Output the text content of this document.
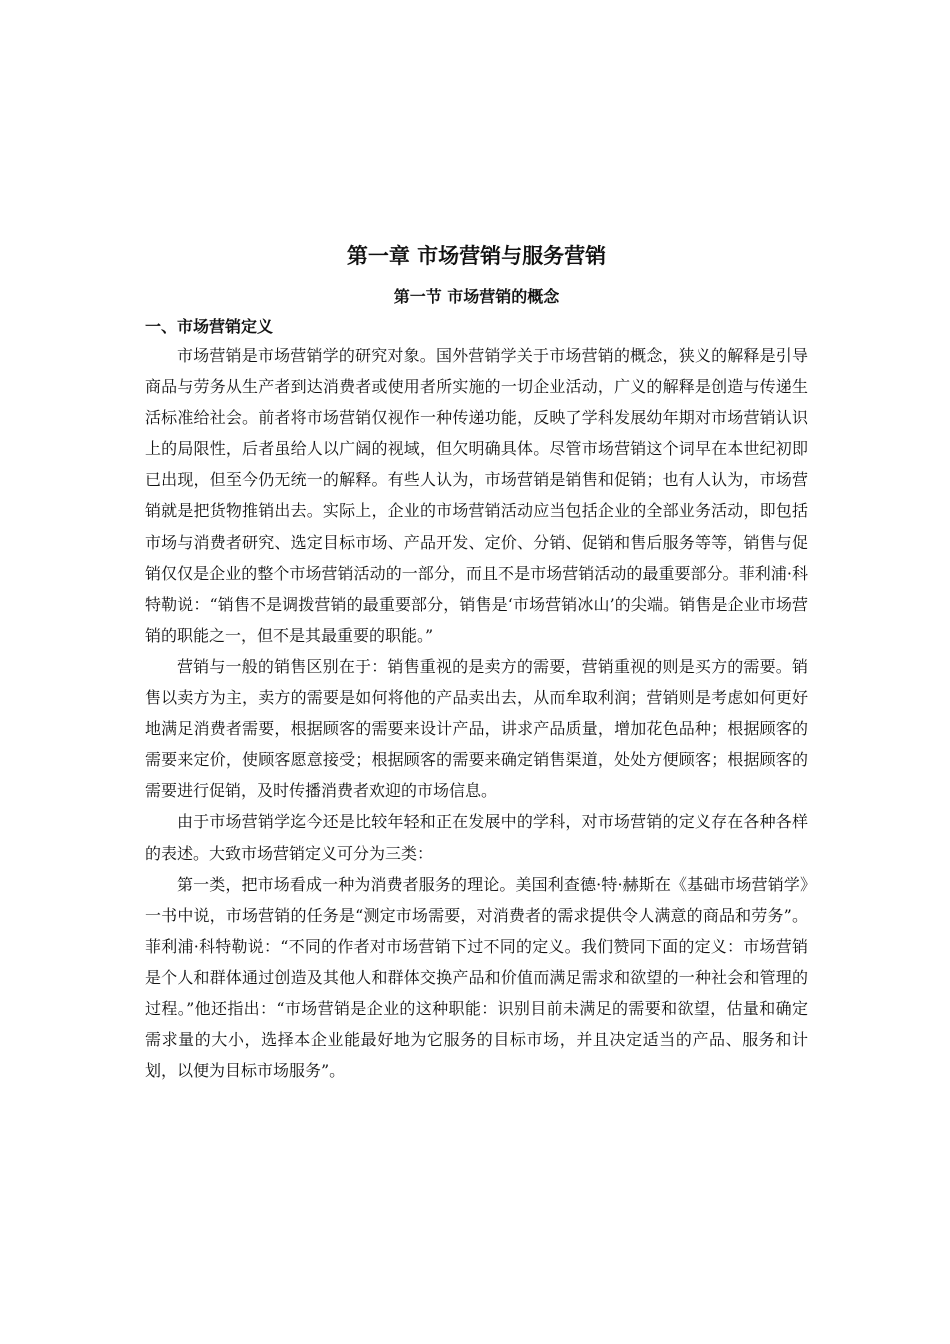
第一章 市场营销与服务营销
第一节 市场营销的概念
一、市场营销定义

市场营销是市场营销学的研究对象。国外营销学关于市场营销的概念，狭义的解释是引导商品与劳务从生产者到达消费者或使用者所实施的一切企业活动，广义的解释是创造与传递生活标准给社会。前者将市场营销仅视作一种传递功能，反映了学科发展幼年期对市场营销认识上的局限性，后者虽给人以广阔的视域，但欠明确具体。尽管市场营销这个词早在本世纪初即已出现，但至今仍无统一的解释。有些人认为，市场营销是销售和促销；也有人认为，市场营销就是把货物推销出去。实际上，企业的市场营销活动应当包括企业的全部业务活动，即包括市场与消费者研究、选定目标市场、产品开发、定价、分销、促销和售后服务等等，销售与促销仅仅是企业的整个市场营销活动的一部分，而且不是市场营销活动的最重要部分。菲利浦·科特勒说：“销售不是调拨营销的最重要部分，销售是‘市场营销冰山’的尖端。销售是企业市场营销的职能之一，但不是其最重要的职能。”

营销与一般的销售区别在于：销售重视的是卖方的需要，营销重视的则是买方的需要。销售以卖方为主，卖方的需要是如何将他的产品卖出去，从而牟取利润；营销则是考虑如何更好地满足消费者需要，根据顾客的需要来设计产品，讲求产品质量，增加花色品种；根据顾客的需要来定价，使顾客愿意接受；根据顾客的需要来确定销售渠道，处处方便顾客；根据顾客的需要进行促销，及时传播消费者欢迎的市场信息。

由于市场营销学迄今还是比较年轻和正在发展中的学科，对市场营销的定义存在各种各样的表述。大致市场营销定义可分为三类：

第一类，把市场看成一种为消费者服务的理论。美国利查德·特·赫斯在《基础市场营销学》一书中说，市场营销的任务是“测定市场需要，对消费者的需求提供令人满意的商品和劳务”。菲利浦·科特勒说：“不同的作者对市场营销下过不同的定义。我们赞同下面的定义：市场营销是个人和群体通过创造及其他人和群体交换产品和价值而满足需求和欲望的一种社会和管理的过程。”他还指出：“市场营销是企业的这种职能：识别目前未满足的需要和欲望，估量和确定需求量的大小，选择本企业能最好地为它服务的目标市场，并且决定适当的产品、服务和计划，以便为目标市场服务”。
